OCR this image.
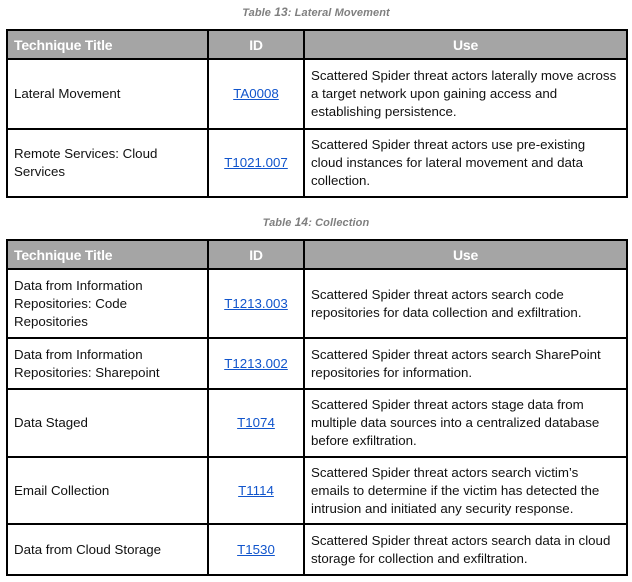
Table 13: Lateral Movement
Technique Title	ID	Use
Lateral Movement	TA0008	Scattered Spider threat actors laterally move across a target network upon gaining access and establishing persistence.
Remote Services: Cloud Services	T1021.007	Scattered Spider threat actors use pre-existing cloud instances for lateral movement and data collection.
Table 14: Collection
Technique Title	ID	Use
Data from Information Repositories: Code Repositories	T1213.003	Scattered Spider threat actors search code repositories for data collection and exfiltration.
Data from Information Repositories: Sharepoint	T1213.002	Scattered Spider threat actors search SharePoint repositories for information.
Data Staged	T1074	Scattered Spider threat actors stage data from multiple data sources into a centralized database before exfiltration.
Email Collection	T1114	Scattered Spider threat actors search victim’s emails to determine if the victim has detected the intrusion and initiated any security response.
Data from Cloud Storage	T1530	Scattered Spider threat actors search data in cloud storage for collection and exfiltration.
